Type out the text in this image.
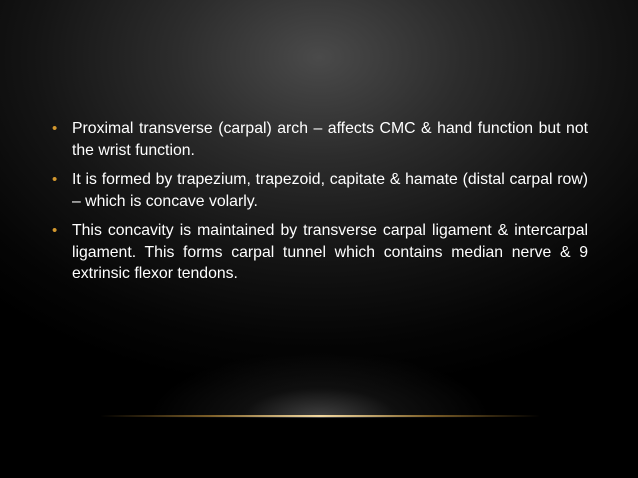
• Proximal transverse (carpal) arch – affects CMC & hand function but not the wrist function.
• It is formed by trapezium, trapezoid, capitate & hamate (distal carpal row) – which is concave volarly.
• This concavity is maintained by transverse carpal ligament & intercarpal ligament. This forms carpal tunnel which contains median nerve & 9 extrinsic flexor tendons.
